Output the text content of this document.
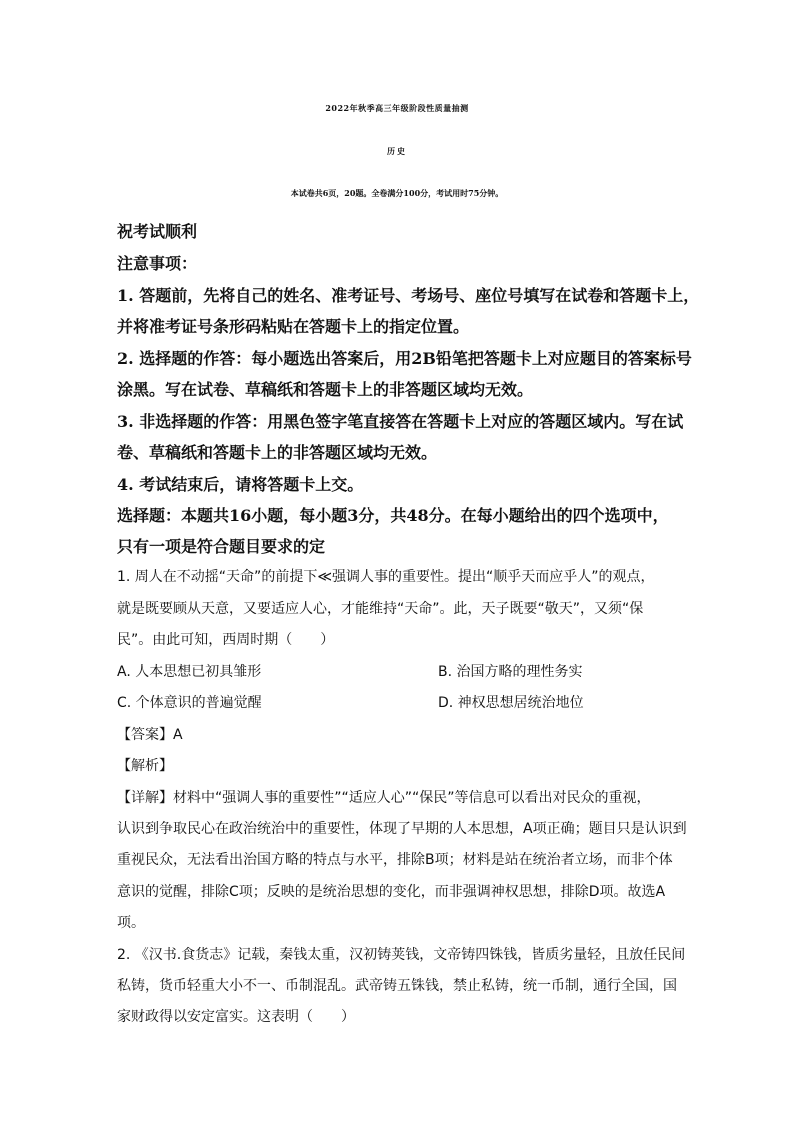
2022年秋季高三年级阶段性质量抽测
历史
本试卷共6页，20题。全卷满分100分，考试用时75分钟。
祝考试顺利
注意事项：
1. 答题前，先将自己的姓名、准考证号、考场号、座位号填写在试卷和答题卡上，
并将准考证号条形码粘贴在答题卡上的指定位置。
2. 选择题的作答：每小题选出答案后，用2B铅笔把答题卡上对应题目的答案标号
涂黑。写在试卷、草稿纸和答题卡上的非答题区域均无效。
3. 非选择题的作答：用黑色签字笔直接答在答题卡上对应的答题区域内。写在试
卷、草稿纸和答题卡上的非答题区域均无效。
4. 考试结束后，请将答题卡上交。
选择题：本题共16小题，每小题3分，共48分。在每小题给出的四个选项中，
只有一项是符合题目要求的定
1. 周人在不动摇“天命”的前提下≪强调人事的重要性。提出“顺乎天而应乎人”的观点，
就是既要顾从天意，又要适应人心，才能维持“天命”。此，天子既要“敬天”，又须“保
民”。由此可知，西周时期（　　）
A. 人本思想已初具雏形	B. 治国方略的理性务实
C. 个体意识的普遍觉醒	D. 神权思想居统治地位
【答案】A
【解析】
【详解】材料中“强调人事的重要性”“适应人心”“保民”等信息可以看出对民众的重视，
认识到争取民心在政治统治中的重要性，体现了早期的人本思想，A项正确；题目只是认识到
重视民众，无法看出治国方略的特点与水平，排除B项；材料是站在统治者立场，而非个体
意识的觉醒，排除C项；反映的是统治思想的变化，而非强调神权思想，排除D项。故选A
项。
2. 《汉书.食货志》记载，秦钱太重，汉初铸荚钱，文帝铸四铢钱，皆质劣量轻，且放任民间
私铸，货币轻重大小不一、币制混乱。武帝铸五铢钱，禁止私铸，统一币制，通行全国，国
家财政得以安定富实。这表明（　　）
